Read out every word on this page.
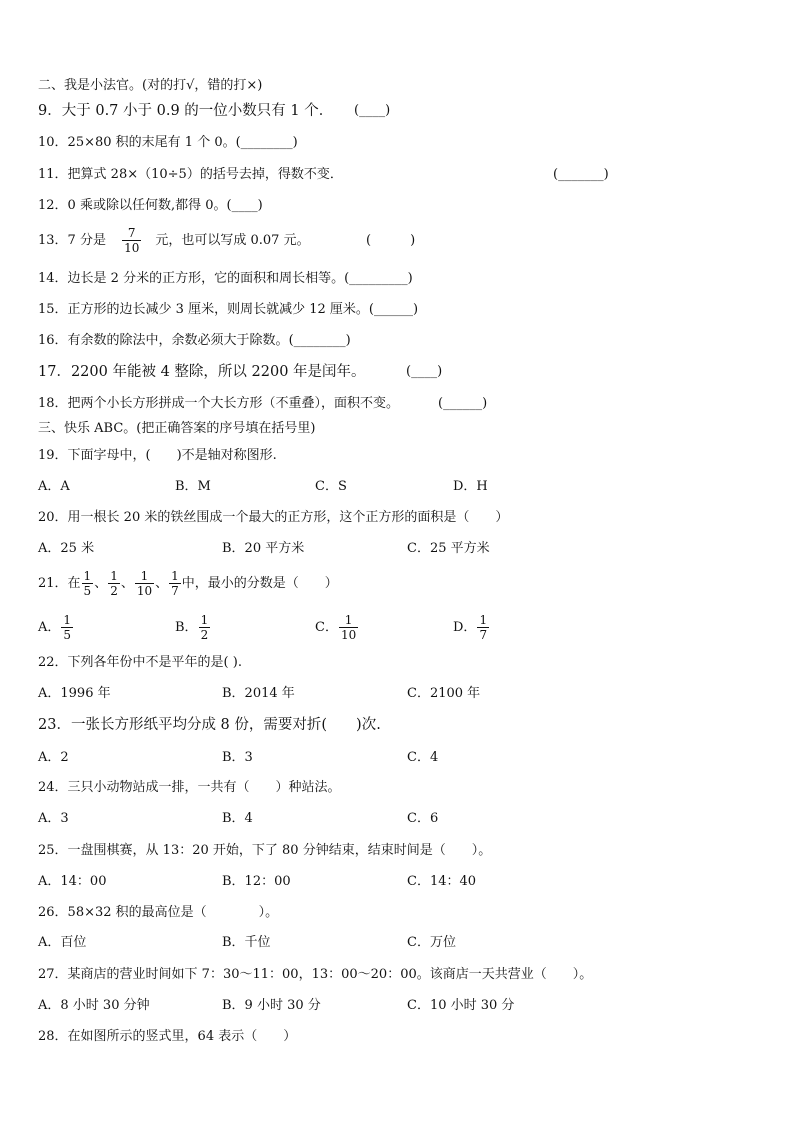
二、我是小法官。(对的打√，错的打×)
9．大于 0.7 小于 0.9 的一位小数只有 1 个． (____)
10．25×80 积的末尾有 1 个 0。(________)
11．把算式 28×（10÷5）的括号去掉，得数不变．	(_______)
12．0 乘或除以任何数,都得 0。(____)
13．7 分是 $\frac{7}{10}$ 元，也可以写成 0.07 元。	(　　　)
14．边长是 2 分米的正方形，它的面积和周长相等。(_________)
15．正方形的边长减少 3 厘米，则周长就减少 12 厘米。(______)
16．有余数的除法中，余数必须大于除数。(________)
17．2200 年能被 4 整除，所以 2200 年是闰年。	(____)
18．把两个小长方形拼成一个大长方形（不重叠），面积不变。	(______)
三、快乐 ABC。(把正确答案的序号填在括号里)
19．下面字母中，(　　)不是轴对称图形.
A．A	B．M	C．S	D．H
20．用一根长 20 米的铁丝围成一个最大的正方形，这个正方形的面积是（　　）
A．25 米	B．20 平方米	C．25 平方米
21．在 $\frac{1}{5}$ 、 $\frac{1}{2}$ 、 $\frac{1}{10}$ 、 $\frac{1}{7}$ 中，最小的分数是（　　）
A． $\frac{1}{5}$	B． $\frac{1}{2}$	C． $\frac{1}{10}$	D． $\frac{1}{7}$
22．下列各年份中不是平年的是( ).
A．1996 年	B．2014 年	C．2100 年
23．一张长方形纸平均分成 8 份，需要对折(　　)次.
A．2	B．3	C．4
24．三只小动物站成一排，一共有（　　）种站法。
A．3	B．4	C．6
25．一盘围棋赛，从 13：20 开始，下了 80 分钟结束，结束时间是（　　）。
A．14：00	B．12：00	C．14：40
26．58×32 积的最高位是（　　　　）。
A．百位	B．千位	C．万位
27．某商店的营业时间如下 7：30～11：00，13：00～20：00。该商店一天共营业（　　）。
A．8 小时 30 分钟	B．9 小时 30 分	C．10 小时 30 分
28．在如图所示的竖式里，64 表示（　　）
